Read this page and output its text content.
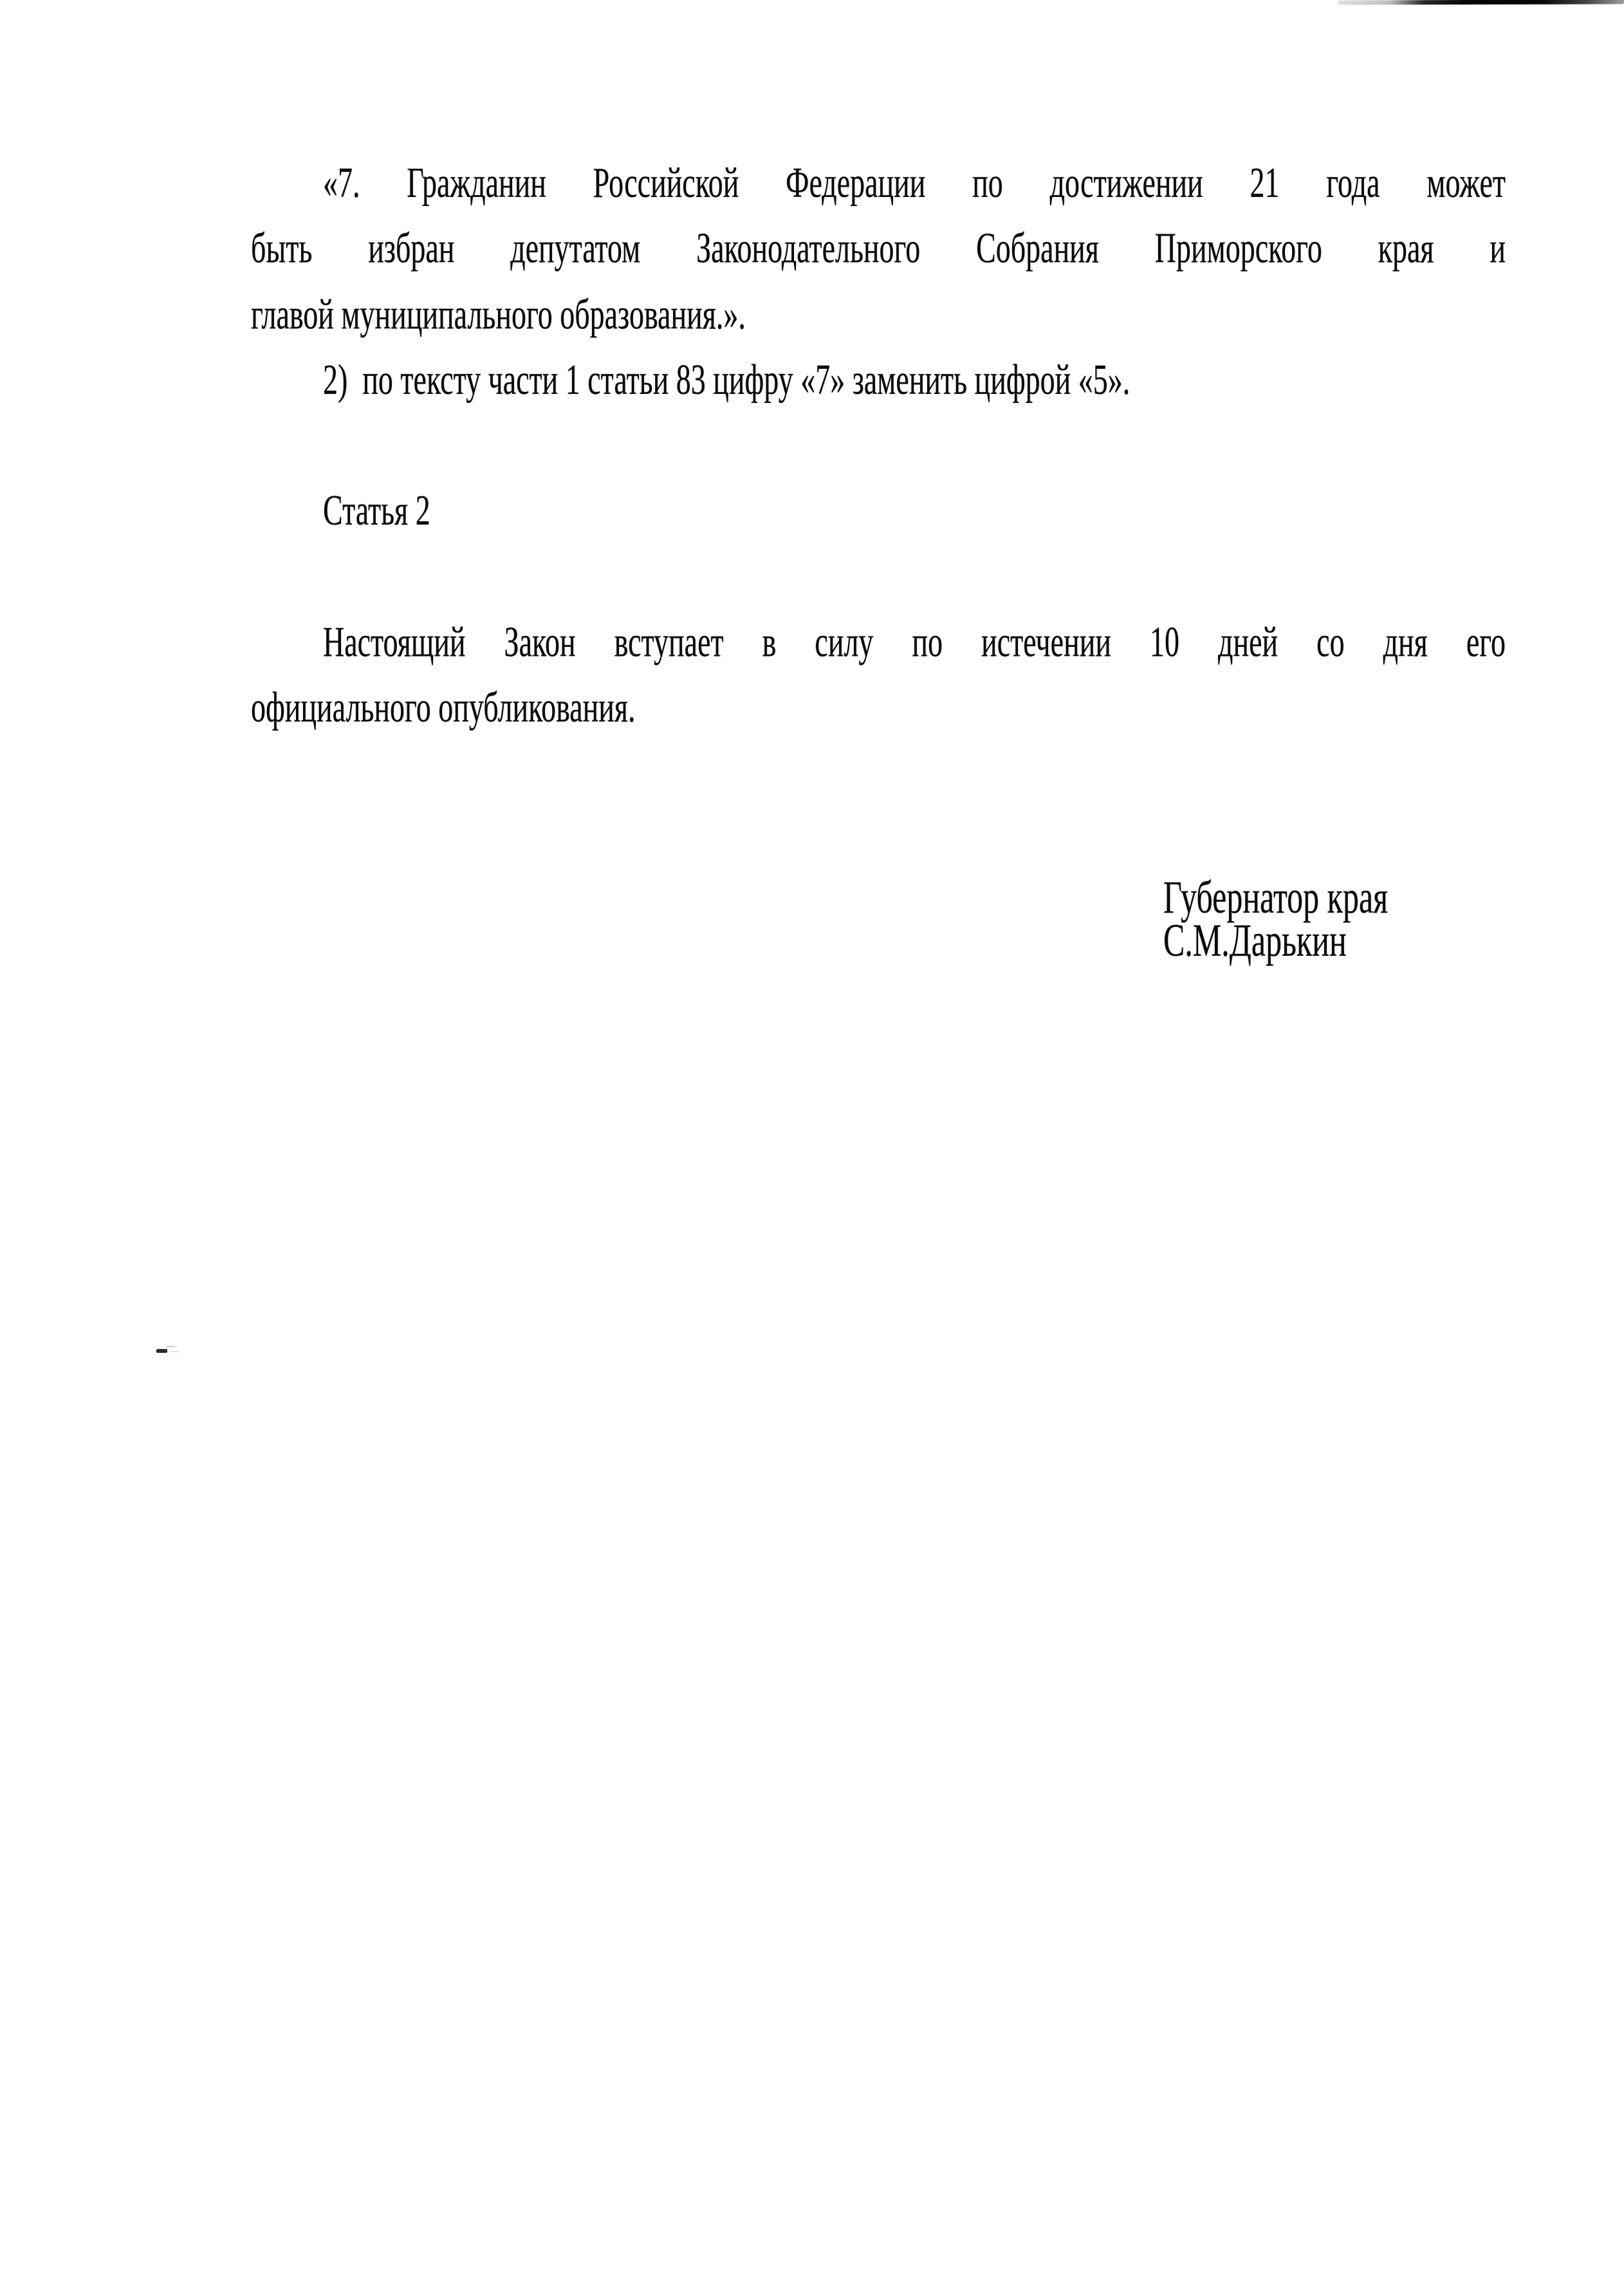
«7. Гражданин Российской Федерации по достижении 21 года может
быть избран депутатом Законодательного Собрания Приморского края и
главой муниципального образования.».

2)  по тексту части 1 статьи 83 цифру «7» заменить цифрой «5».

Статья 2

Настоящий Закон вступает в силу по истечении 10 дней со дня его
официального опубликования.

Губернатор края
С.М.Дарькин
